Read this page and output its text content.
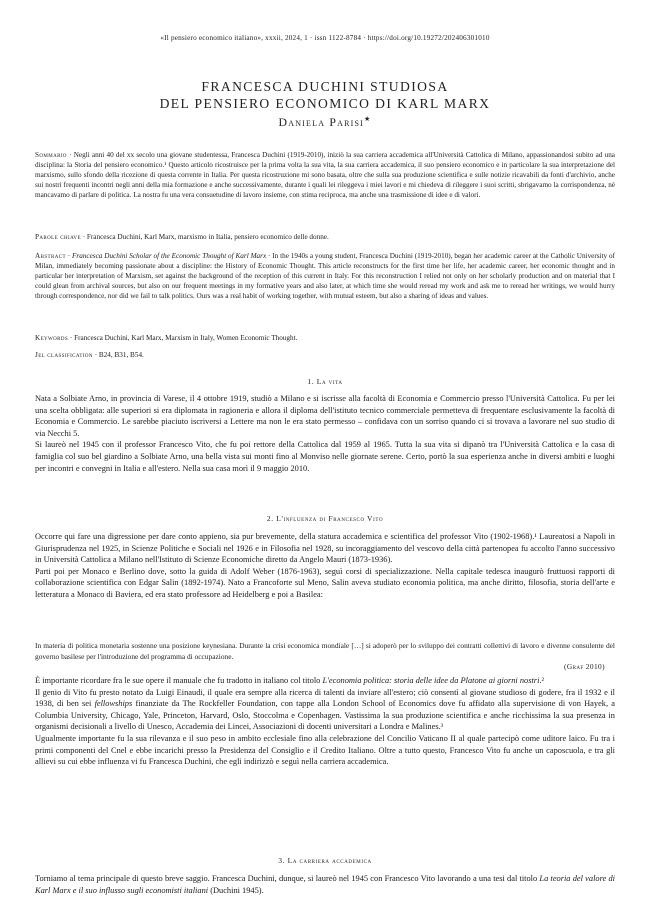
«Il pensiero economico italiano», xxxii, 2024, 1 · issn 1122-8784 · https://doi.org/10.19272/202406301010
FRANCESCA DUCHINI STUDIOSA
DEL PENSIERO ECONOMICO DI KARL MARX
Daniela Parisi★
Sommario · Negli anni 40 del xx secolo una giovane studentessa, Francesca Duchini (1919-2010), iniziò la sua carriera accademica all'Università Cattolica di Milano, appassionandosi subito ad una disciplina: la Storia del pensiero economico.¹ Questo articolo ricostruisce per la prima volta la sua vita, la sua carriera accademica, il suo pensiero economico e in particolare la sua interpretazione del marxismo, sullo sfondo della ricezione di questa corrente in Italia. Per questa ricostruzione mi sono basata, oltre che sulla sua produzione scientifica e sulle notizie ricavabili da fonti d'archivio, anche sui nostri frequenti incontri negli anni della mia formazione e anche successivamente, durante i quali lei rileggeva i miei lavori e mi chiedeva di rileggere i suoi scritti, sbrigavamo la corrispondenza, né mancavamo di parlare di politica. La nostra fu una vera consuetudine di lavoro insieme, con stima reciproca, ma anche una trasmissione di idee e di valori.
Parole chiave · Francesca Duchini, Karl Marx, marxismo in Italia, pensiero economico delle donne.
Abstract · Francesca Duchini Scholar of the Economic Thought of Karl Marx · In the 1940s a young student, Francesca Duchini (1919-2010), began her academic career at the Catholic University of Milan, immediately becoming passionate about a discipline: the History of Economic Thought. This article reconstructs for the first time her life, her academic career, her economic thought and in particular her interpretation of Marxism, set against the background of the reception of this current in Italy. For this reconstruction I relied not only on her scholarly production and on material that I could glean from archival sources, but also on our frequent meetings in my formative years and also later, at which time she would reread my work and ask me to reread her writings, we would hurry through correspondence, nor did we fail to talk politics. Ours was a real habit of working together, with mutual esteem, but also a sharing of ideas and values.
Keywords · Francesca Duchini, Karl Marx, Marxism in Italy, Women Economic Thought.
Jel classification · B24, B31, B54.
1. La vita

Nata a Solbiate Arno, in provincia di Varese, il 4 ottobre 1919, studiò a Milano e si iscrisse alla facoltà di Economia e Commercio presso l'Università Cattolica. Fu per lei una scelta obbligata: alle superiori si era diplomata in ragioneria e allora il diploma dell'istituto tecnico commerciale permetteva di frequentare esclusivamente la facoltà di Economia e Commercio. Le sarebbe piaciuto iscriversi a Lettere ma non le era stato permesso – confidava con un sorriso quando ci si trovava a lavorare nel suo studio di via Necchi 5.

Si laureò nel 1945 con il professor Francesco Vito, che fu poi rettore della Cattolica dal 1959 al 1965. Tutta la sua vita si dipanò tra l'Università Cattolica e la casa di famiglia col suo bel giardino a Solbiate Arno, una bella vista sui monti fino al Monviso nelle giornate serene. Certo, portò la sua esperienza anche in diversi ambiti e luoghi per incontri e convegni in Italia e all'estero. Nella sua casa morì il 9 maggio 2010.

2. L'influenza di Francesco Vito

Occorre qui fare una digressione per dare conto appieno, sia pur brevemente, della statura accademica e scientifica del professor Vito (1902-1968).¹ Laureatosi a Napoli in Giurisprudenza nel 1925, in Scienze Politiche e Sociali nel 1926 e in Filosofia nel 1928, su incoraggiamento del vescovo della città partenopea fu accolto l'anno successivo in Università Cattolica a Milano nell'Istituto di Scienze Economiche diretto da Angelo Mauri (1873-1936).

Parti poi per Monaco e Berlino dove, sotto la guida di Adolf Weber (1876-1963), seguì corsi di specializzazione. Nella capitale tedesca inaugurò fruttuosi rapporti di collaborazione scientifica con Edgar Salin (1892-1974). Nato a Francoforte sul Meno, Salin aveva studiato economia politica, ma anche diritto, filosofia, storia dell'arte e letteratura a Monaco di Baviera, ed era stato professore ad Heidelberg e poi a Basilea:

In materia di politica monetaria sostenne una posizione keynesiana. Durante la crisi economica mondiale […] si adoperò per lo sviluppo dei contratti collettivi di lavoro e divenne consulente del governo basilese per l'introduzione del programma di occupazione.
(Graf 2010)

È importante ricordare fra le sue opere il manuale che fu tradotto in italiano col titolo L'economia politica: storia delle idee da Platone ai giorni nostri.²

Il genio di Vito fu presto notato da Luigi Einaudi, il quale era sempre alla ricerca di talenti da inviare all'estero; ciò consentì al giovane studioso di godere, fra il 1932 e il 1938, di ben sei fellowships finanziate da The Rockfeller Foundation, con tappe alla London School of Economics dove fu affidato alla supervisione di von Hayek, a Columbia University, Chicago, Yale, Princeton, Harvard, Oslo, Stoccolma e Copenhagen. Vastissima la sua produzione scientifica e anche ricchissima la sua presenza in organismi decisionali a livello di Unesco, Accademia dei Lincei, Associazioni di docenti universitari a Londra e Malines.³

Ugualmente importante fu la sua rilevanza e il suo peso in ambito ecclesiale fino alla celebrazione del Concilio Vaticano II al quale partecipò come uditore laico. Fu tra i primi componenti del Cnel e ebbe incarichi presso la Presidenza del Consiglio e il Credito Italiano. Oltre a tutto questo, Francesco Vito fu anche un caposcuola, e tra gli allievi su cui ebbe influenza vi fu Francesca Duchini, che egli indirizzò e seguì nella carriera accademica.

3. La carriera accademica

Torniamo al tema principale di questo breve saggio. Francesca Duchini, dunque, si laureò nel 1945 con Francesco Vito lavorando a una tesi dal titolo La teoria del valore di Karl Marx e il suo influsso sugli economisti italiani (Duchini 1945).
